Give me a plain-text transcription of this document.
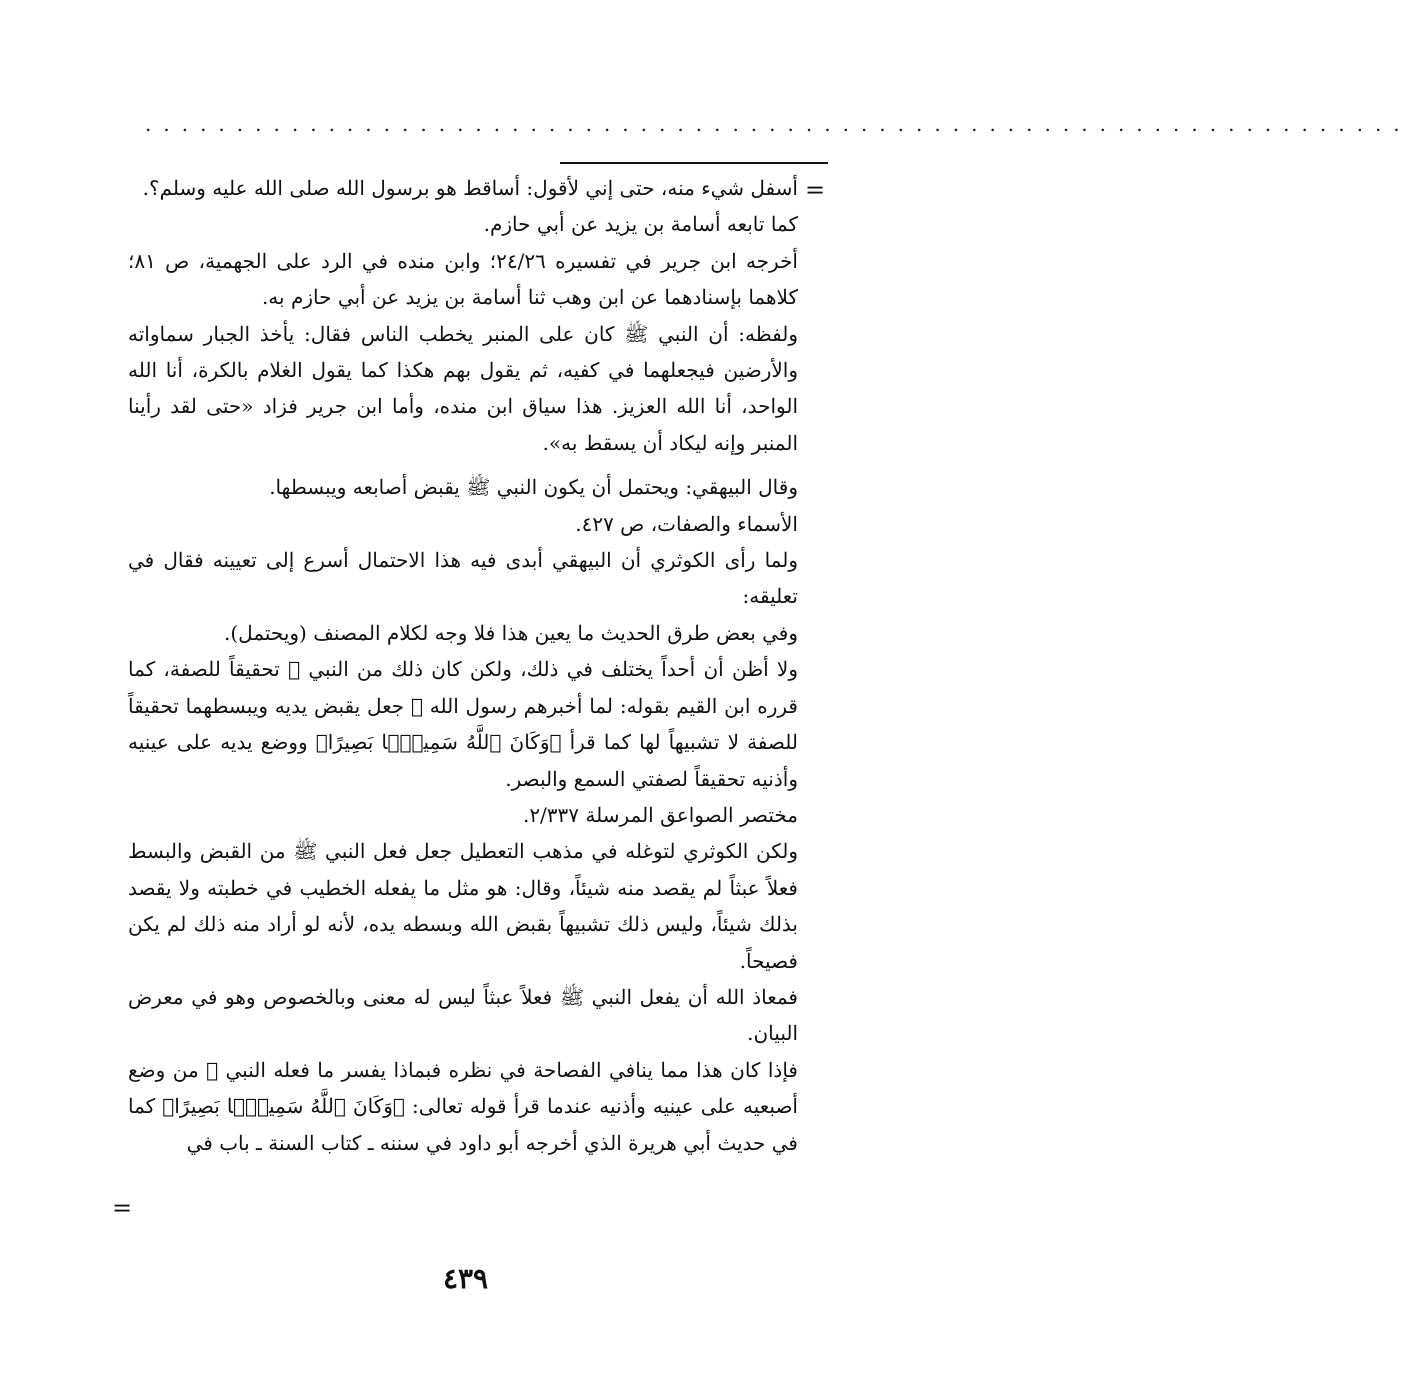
.....................................................................
=

أسفل شيء منه، حتى إني لأقول: أساقط هو برسول الله صلى الله عليه وسلم؟.

كما تابعه أسامة بن يزيد عن أبي حازم.

أخرجه ابن جرير في تفسيره ٢٤/٢٦؛ وابن منده في الرد على الجهمية، ص ٨١؛ كلاهما بإسنادهما عن ابن وهب ثنا أسامة بن يزيد عن أبي حازم به.

ولفظه: أن النبي ﷺ كان على المنبر يخطب الناس فقال: يأخذ الجبار سماواته والأرضين فيجعلهما في كفيه، ثم يقول بهم هكذا كما يقول الغلام بالكرة، أنا الله الواحد، أنا الله العزيز. هذا سياق ابن منده، وأما ابن جرير فزاد «حتى لقد رأينا المنبر وإنه ليكاد أن يسقط به».

وقال البيهقي: ويحتمل أن يكون النبي ﷺ يقبض أصابعه ويبسطها.

الأسماء والصفات، ص ٤٢٧.

ولما رأى الكوثري أن البيهقي أبدى فيه هذا الاحتمال أسرع إلى تعيينه فقال في تعليقه:

وفي بعض طرق الحديث ما يعين هذا فلا وجه لكلام المصنف (ويحتمل).

ولا أظن أن أحداً يختلف في ذلك، ولكن كان ذلك من النبي ﷺ تحقيقاً للصفة، كما قرره ابن القيم بقوله: لما أخبرهم رسول الله ﷺ جعل يقبض يديه ويبسطهما تحقيقاً للصفة لا تشبيهاً لها كما قرأ ﴿وَكَانَ ٱللَّهُ سَمِيعًۢا بَصِيرًا﴾ ووضع يديه على عينيه وأذنيه تحقيقاً لصفتي السمع والبصر.

مختصر الصواعق المرسلة ٢/٣٣٧.

ولكن الكوثري لتوغله في مذهب التعطيل جعل فعل النبي ﷺ من القبض والبسط فعلاً عبثاً لم يقصد منه شيئاً، وقال: هو مثل ما يفعله الخطيب في خطبته ولا يقصد بذلك شيئاً، وليس ذلك تشبيهاً بقبض الله وبسطه يده، لأنه لو أراد منه ذلك لم يكن فصيحاً.

فمعاذ الله أن يفعل النبي ﷺ فعلاً عبثاً ليس له معنى وبالخصوص وهو في معرض البيان.

فإذا كان هذا مما ينافي الفصاحة في نظره فبماذا يفسر ما فعله النبي ﷺ من وضع أصبعيه على عينيه وأذنيه عندما قرأ قوله تعالى: ﴿وَكَانَ ٱللَّهُ سَمِيعًۢا بَصِيرًا﴾ كما في حديث أبي هريرة الذي أخرجه أبو داود في سننه ـ كتاب السنة ـ باب في

=
٤٣٩
